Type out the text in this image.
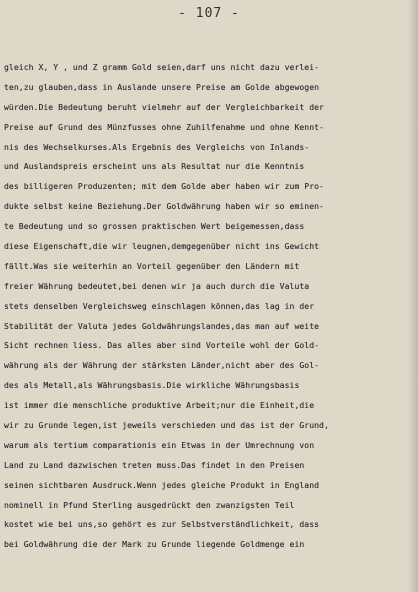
- 107 -
gleich X, Y , und Z gramm Gold seien,darf uns nicht dazu verlei-
ten,zu glauben,dass in Auslande unsere Preise am Golde abgewogen
würden.Die Bedeutung beruht vielmehr auf der Vergleichbarkeit der
Preise auf Grund des Münzfusses ohne Zuhilfenahme und ohne Kennt-
nis des Wechselkurses.Als Ergebnis des Vergleichs von Inlands-
und Auslandspreis erscheint uns als Resultat nur die Kenntnis
des billigeren Produzenten; mit dem Golde aber haben wir zum Pro-
dukte selbst keine Beziehung.Der Goldwährung haben wir so eminen-
te Bedeutung und so grossen praktischen Wert beigemessen,dass
diese Eigenschaft,die wir leugnen,demgegenüber nicht ins Gewicht
fällt.Was sie weiterhin an Vorteil gegenüber den Ländern mit
freier Währung bedeutet,bei denen wir ja auch durch die Valuta
stets denselben Vergleichsweg einschlagen können,das lag in der
Stabilität der Valuta jedes Goldwährungslandes,das man auf weite
Sicht rechnen liess. Das alles aber sind Vorteile wohl der Gold-
währung als der Währung der stärksten Länder,nicht aber des Gol-
des als Metall,als Währungsbasis.Die wirkliche Währungsbasis
ist immer die menschliche produktive Arbeit;nur die Einheit,die
wir zu Grunde legen,ist jeweils verschieden und das ist der Grund,
warum als tertium comparationis ein Etwas in der Umrechnung von
Land zu Land dazwischen treten muss.Das findet in den Preisen
seinen sichtbaren Ausdruck.Wenn jedes gleiche Produkt in England
nominell in Pfund Sterling ausgedrückt den zwanzigsten Teil
kostet wie bei uns,so gehört es zur Selbstverständlichkeit, dass
bei Goldwährung die der Mark zu Grunde liegende Goldmenge ein
